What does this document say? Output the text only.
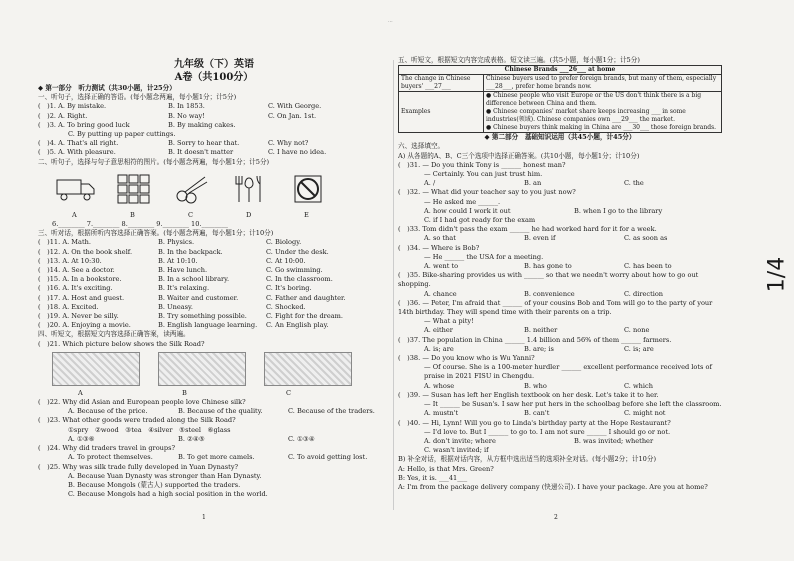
...
九年级（下）英语
A卷（共100分）
◆ 第一部分　听力测试（共30小题，计25分）
一、听句子，选择正确的答语。(每小题念两遍，每小题1分；计5分)
(　)1. A. By mistake.	B. In 1853.	C. With George.
(　)2. A. Right.	B. No way!	C. On Jan. 1st.
(　)3. A. To bring good luck	B. By making cakes.
C. By putting up paper cuttings.
(　)4. A. That's all right.	B. Sorry to hear that.	C. Why not?
(　)5. A. With pleasure.	B. It doesn't matter	C. I have no idea.
二、听句子，选择与句子意思相符的图片。(每小题念两遍，每小题1分；计5分)
A	B	C	D	E
6.________ 7.________ 8.________ 9.________ 10.________
三、听对话，根据所听内容选择正确答案。(每小题念两遍，每小题1分；计10分)
(　)11. A. Math.	B. Physics.	C. Biology.
(　)12. A. On the book shelf.	B. In the backpack.	C. Under the desk.
(　)13. A. At 10:30.	B. At 10:10.	C. At 10:00.
(　)14. A. See a doctor.	B. Have lunch.	C. Go swimming.
(　)15. A. In a bookstore.	B. In a school library.	C. In the classroom.
(　)16. A. It's exciting.	B. It's relaxing.	C. It's boring.
(　)17. A. Host and guest.	B. Waiter and customer.	C. Father and daughter.
(　)18. A. Excited.	B. Uneasy.	C. Shocked.
(　)19. A. Never be silly.	B. Try something possible.	C. Fight for the dream.
(　)20. A. Enjoying a movie.	B. English language learning.	C. An English play.
四、听短文，根据短文内容选择正确答案，读两遍。
(　)21. Which picture below shows the Silk Road?
A	B	C
(　)22. Why did Asian and European people love Chinese silk?
A. Because of the price.	B. Because of the quality.	C. Because of the traders.
(　)23. What other goods were traded along the Silk Road?
①spry　②wood　③tea　④silver　⑤steel　⑥glass
A. ①③⑥	B. ②④⑤	C. ①③④
(　)24. Why did traders travel in groups?
A. To protect themselves.	B. To get more camels.	C. To avoid getting lost.
(　)25. Why was silk trade fully developed in Yuan Dynasty?
A. Because Yuan Dynasty was stronger than Han Dynasty.
B. Because Mongols (蒙古人) supported the traders.
C. Because Mongols had a high social position in the world.
1
五、听短文，根据短文内容完成表格。短文读三遍。(共5小题，每小题1分；计5分)
Chinese Brands ___26___ at home	
The change in Chinese buyers' ___27___	Chinese buyers used to prefer foreign brands, but many of them, especially ___28___, prefer home brands now.
Examples	● Chinese people who visit Europe or the US don't think there is a big difference between China and them.
● Chinese companies' market share keeps increasing ___ in some industries(领域). Chinese companies own ___29___ the market.
● Chinese buyers think making in China are ___30___ those foreign brands.
◆ 第二部分　基础知识运用（共45小题，计45分）
六、选择填空。
A) 从各题的A、B、C三个选项中选择正确答案。(共10小题，每小题1分；计10分)
(　)31. — Do you think Tony is ______ honest man?
— Certainly. You can just trust him.
A. /	B. an	C. the
(　)32. — What did your teacher say to you just now?
— He asked me ______.
A. how could I work it out	B. when I go to the library
C. if I had got ready for the exam
(　)33. Tom didn't pass the exam ______ he had worked hard for it for a week.
A. so that	B. even if	C. as soon as
(　)34. — Where is Bob?
— He ______ the USA for a meeting.
A. went to	B. has gone to	C. has been to
(　)35. Bike-sharing provides us with ______ so that we needn't worry about how to go out shopping.
A. chance	B. convenience	C. direction
(　)36. — Peter, I'm afraid that ______ of your cousins Bob and Tom will go to the party of your 14th birthday. They will spend time with their parents on a trip.
— What a pity!
A. either	B. neither	C. none
(　)37. The population in China ______ 1.4 billion and 56% of them ______ farmers.
A. is; are	B. are; is	C. is; are
(　)38. — Do you know who is Wu Yanni?
— Of course. She is a 100-meter hurdler ______ excellent performance received lots of praise in 2021 FISU in Chengdu.
A. whose	B. who	C. which
(　)39. — Susan has left her English textbook on her desk. Let's take it to her.
— It ______ be Susan's. I saw her put hers in the schoolbag before she left the classroom.
A. mustn't	B. can't	C. might not
(　)40. — Hi, Lynn! Will you go to Linda's birthday party at the Hope Restaurant?
— I'd love to. But I ______ to go to. I am not sure ______ I should go or not.
A. don't invite; where	B. was invited; whether
C. wasn't invited; if
B) 补全对话，根据对话内容，从方框中选出适当的选项补全对话。(每小题2分；计10分)
A: Hello, is that Mrs. Green?
B: Yes, it is. ___41___
A: I'm from the package delivery company (快递公司). I have your package. Are you at home?
2
1/4
